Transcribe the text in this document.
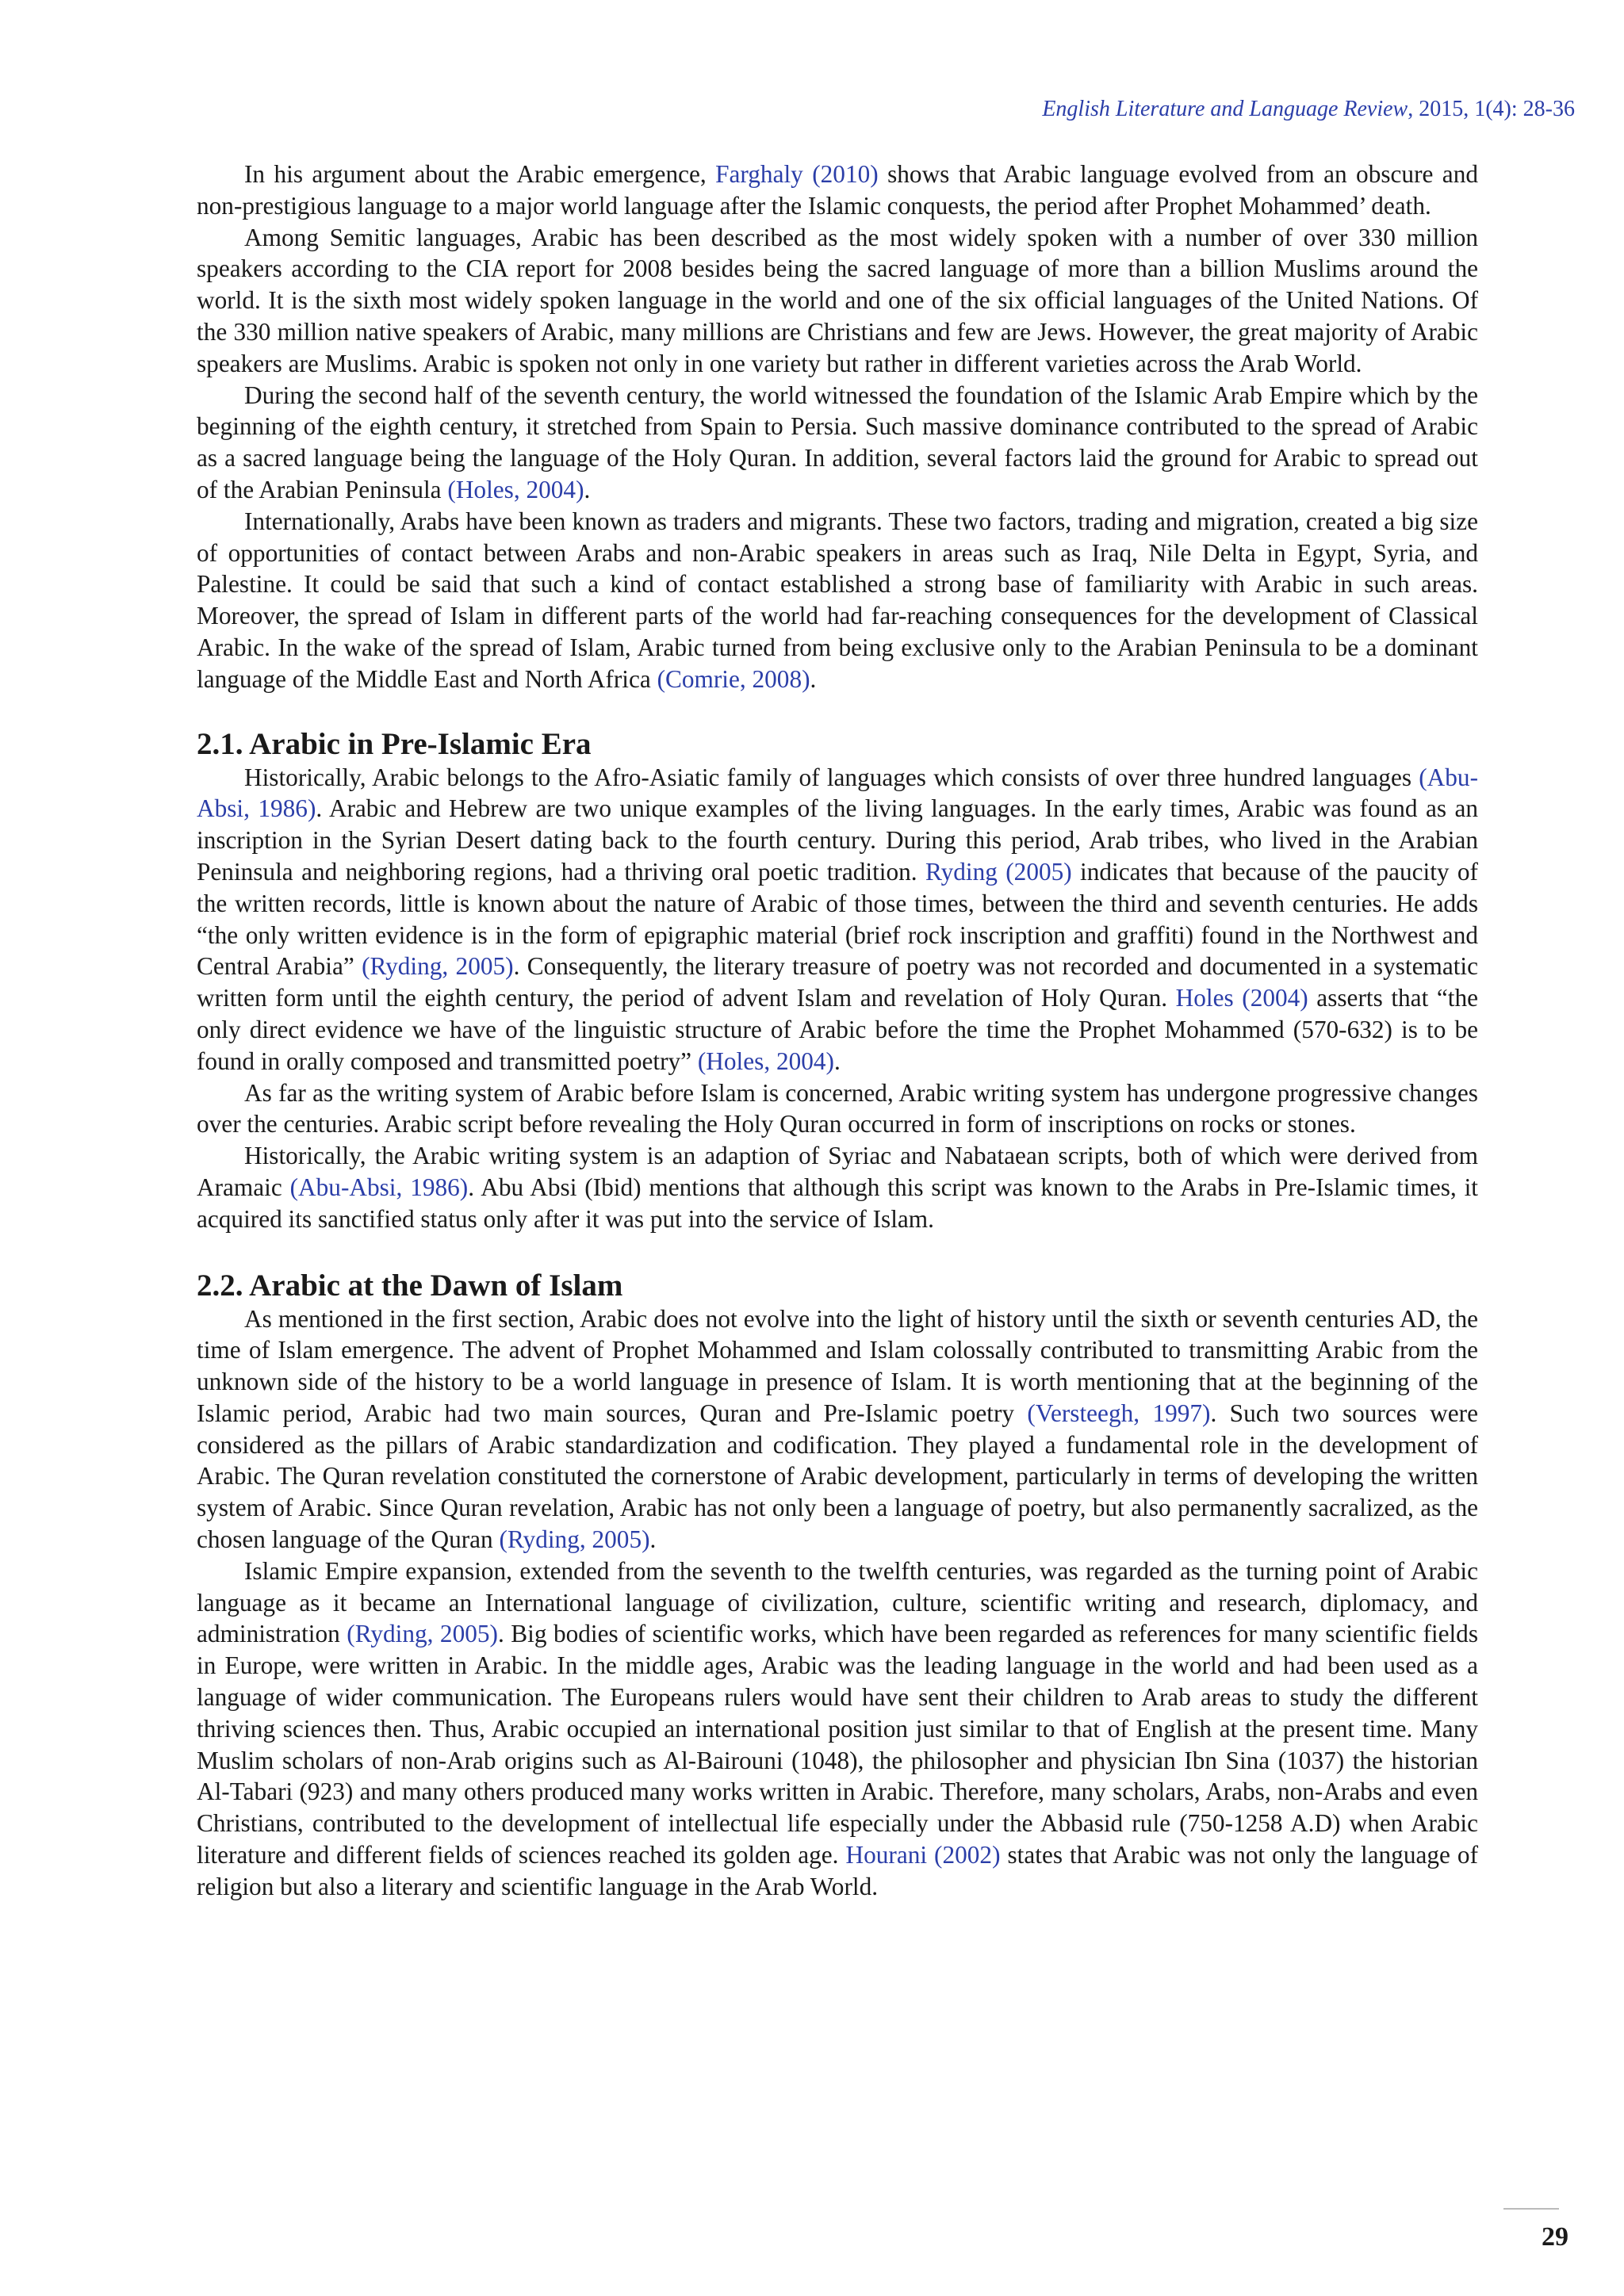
English Literature and Language Review, 2015, 1(4): 28-36

In his argument about the Arabic emergence, Farghaly (2010) shows that Arabic language evolved from an obscure and non-prestigious language to a major world language after the Islamic conquests, the period after Prophet Mohammed’ death.

Among Semitic languages, Arabic has been described as the most widely spoken with a number of over 330 million speakers according to the CIA report for 2008 besides being the sacred language of more than a billion Muslims around the world. It is the sixth most widely spoken language in the world and one of the six official languages of the United Nations. Of the 330 million native speakers of Arabic, many millions are Christians and few are Jews. However, the great majority of Arabic speakers are Muslims. Arabic is spoken not only in one variety but rather in different varieties across the Arab World.

During the second half of the seventh century, the world witnessed the foundation of the Islamic Arab Empire which by the beginning of the eighth century, it stretched from Spain to Persia. Such massive dominance contributed to the spread of Arabic as a sacred language being the language of the Holy Quran. In addition, several factors laid the ground for Arabic to spread out of the Arabian Peninsula (Holes, 2004).

Internationally, Arabs have been known as traders and migrants. These two factors, trading and migration, created a big size of opportunities of contact between Arabs and non-Arabic speakers in areas such as Iraq, Nile Delta in Egypt, Syria, and Palestine. It could be said that such a kind of contact established a strong base of familiarity with Arabic in such areas. Moreover, the spread of Islam in different parts of the world had far-reaching consequences for the development of Classical Arabic. In the wake of the spread of Islam, Arabic turned from being exclusive only to the Arabian Peninsula to be a dominant language of the Middle East and North Africa (Comrie, 2008).

2.1. Arabic in Pre-Islamic Era

Historically, Arabic belongs to the Afro-Asiatic family of languages which consists of over three hundred languages (Abu-Absi, 1986). Arabic and Hebrew are two unique examples of the living languages. In the early times, Arabic was found as an inscription in the Syrian Desert dating back to the fourth century. During this period, Arab tribes, who lived in the Arabian Peninsula and neighboring regions, had a thriving oral poetic tradition. Ryding (2005) indicates that because of the paucity of the written records, little is known about the nature of Arabic of those times, between the third and seventh centuries. He adds “the only written evidence is in the form of epigraphic material (brief rock inscription and graffiti) found in the Northwest and Central Arabia” (Ryding, 2005). Consequently, the literary treasure of poetry was not recorded and documented in a systematic written form until the eighth century, the period of advent Islam and revelation of Holy Quran. Holes (2004) asserts that “the only direct evidence we have of the linguistic structure of Arabic before the time the Prophet Mohammed (570-632) is to be found in orally composed and transmitted poetry” (Holes, 2004).

As far as the writing system of Arabic before Islam is concerned, Arabic writing system has undergone progressive changes over the centuries. Arabic script before revealing the Holy Quran occurred in form of inscriptions on rocks or stones.

Historically, the Arabic writing system is an adaption of Syriac and Nabataean scripts, both of which were derived from Aramaic (Abu-Absi, 1986). Abu Absi (Ibid) mentions that although this script was known to the Arabs in Pre-Islamic times, it acquired its sanctified status only after it was put into the service of Islam.

2.2. Arabic at the Dawn of Islam

As mentioned in the first section, Arabic does not evolve into the light of history until the sixth or seventh centuries AD, the time of Islam emergence. The advent of Prophet Mohammed and Islam colossally contributed to transmitting Arabic from the unknown side of the history to be a world language in presence of Islam. It is worth mentioning that at the beginning of the Islamic period, Arabic had two main sources, Quran and Pre-Islamic poetry (Versteegh, 1997). Such two sources were considered as the pillars of Arabic standardization and codification. They played a fundamental role in the development of Arabic. The Quran revelation constituted the cornerstone of Arabic development, particularly in terms of developing the written system of Arabic. Since Quran revelation, Arabic has not only been a language of poetry, but also permanently sacralized, as the chosen language of the Quran (Ryding, 2005).

Islamic Empire expansion, extended from the seventh to the twelfth centuries, was regarded as the turning point of Arabic language as it became an International language of civilization, culture, scientific writing and research, diplomacy, and administration (Ryding, 2005). Big bodies of scientific works, which have been regarded as references for many scientific fields in Europe, were written in Arabic. In the middle ages, Arabic was the leading language in the world and had been used as a language of wider communication. The Europeans rulers would have sent their children to Arab areas to study the different thriving sciences then. Thus, Arabic occupied an international position just similar to that of English at the present time. Many Muslim scholars of non-Arab origins such as Al-Bairouni (1048), the philosopher and physician Ibn Sina (1037) the historian Al-Tabari (923) and many others produced many works written in Arabic. Therefore, many scholars, Arabs, non-Arabs and even Christians, contributed to the development of intellectual life especially under the Abbasid rule (750-1258 A.D) when Arabic literature and different fields of sciences reached its golden age. Hourani (2002) states that Arabic was not only the language of religion but also a literary and scientific language in the Arab World.

29
